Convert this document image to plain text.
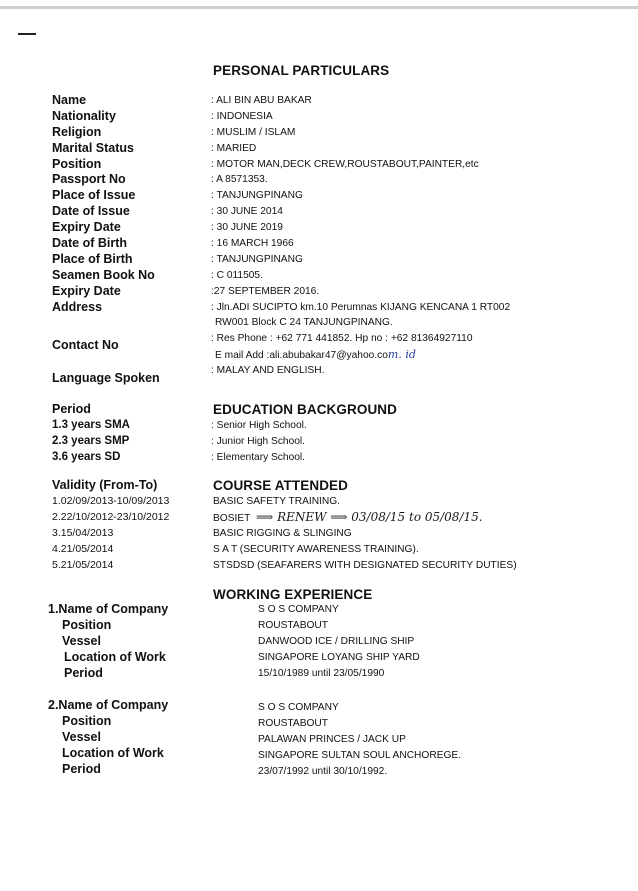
PERSONAL PARTICULARS
Name
Nationality
Religion
Marital Status
Position
Passport No
Place of Issue
Date of Issue
Expiry Date
Date of Birth
Place of Birth
Seamen Book No
Expiry Date
Address
Contact No
Language Spoken
: ALI BIN ABU BAKAR
: INDONESIA
: MUSLIM / ISLAM
: MARIED
: MOTOR MAN,DECK CREW,ROUSTABOUT,PAINTER,etc
: A 8571353.
: TANJUNGPINANG
: 30 JUNE 2014
: 30 JUNE 2019
: 16 MARCH 1966
: TANJUNGPINANG
: C 011505.
:27 SEPTEMBER 2016.
: Jln.ADI SUCIPTO km.10 Perumnas KIJANG KENCANA 1 RT002
RW001 Block C 24 TANJUNGPINANG.
: Res Phone : +62 771 441852. Hp no : +62 81364927110
E mail Add :ali.abubakar47@yahoo.com. id
: MALAY AND ENGLISH.
EDUCATION BACKGROUND
Period
1.3 years SMA
2.3 years SMP
3.6 years SD
: Senior High School.
: Junior High School.
: Elementary School.
COURSE ATTENDED
Validity (From-To)
1.02/09/2013-10/09/2013
2.22/10/2012-23/10/2012
3.15/04/2013
4.21/05/2014
5.21/05/2014
BASIC SAFETY TRAINING.
BOSIET ⟹ RENEW ⟹ 03/08/15 to 05/08/15.
BASIC RIGGING & SLINGING
S A T (SECURITY AWARENESS TRAINING).
STSDSD (SEAFARERS WITH DESIGNATED SECURITY DUTIES)
WORKING EXPERIENCE
1.Name of Company
Position
Vessel
Location of Work
Period
S O S COMPANY
ROUSTABOUT
DANWOOD ICE / DRILLING SHIP
SINGAPORE LOYANG SHIP YARD
15/10/1989 until 23/05/1990
2.Name of Company
Position
Vessel
Location of Work
Period
S O S COMPANY
ROUSTABOUT
PALAWAN PRINCES / JACK UP
SINGAPORE SULTAN SOUL ANCHOREGE.
23/07/1992 until 30/10/1992.
